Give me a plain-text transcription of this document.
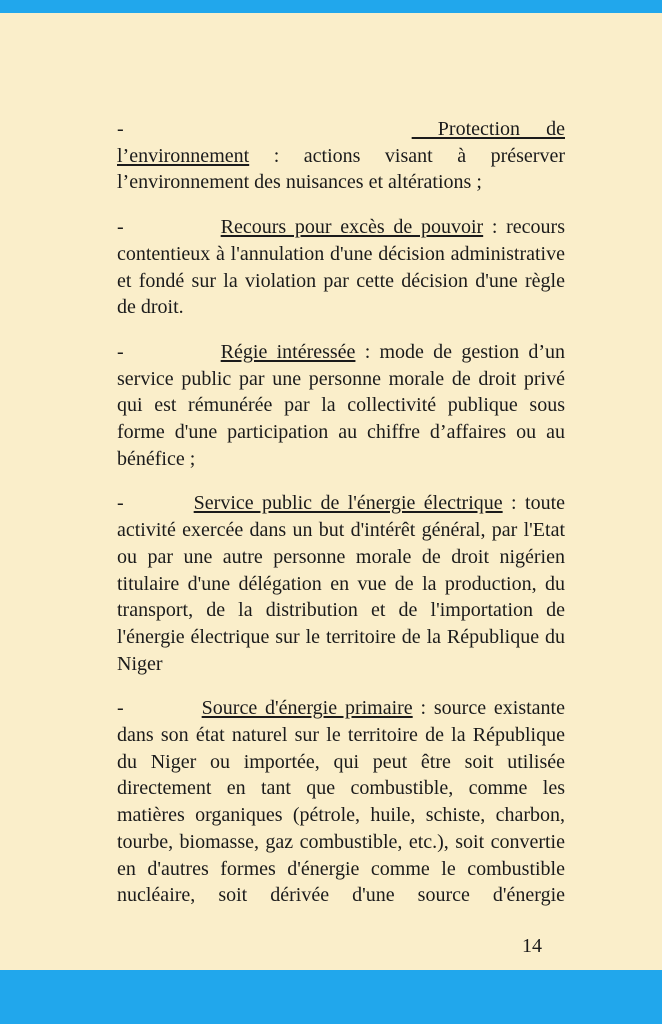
-	Protection de l’environnement : actions visant à préserver l’environnement des nuisances et altérations ;

-	Recours pour excès de pouvoir : recours contentieux à l'annulation d'une décision administrative et fondé sur la violation par cette décision d'une règle de droit.

-	Régie intéressée : mode de gestion d’un service public par une personne morale de droit privé qui est rémunérée par la collectivité publique sous forme d'une participation au chiffre d’affaires ou au bénéfice ;

-	Service public de l'énergie électrique : toute activité exercée dans un but d'intérêt général, par l'Etat ou par une autre personne morale de droit nigérien titulaire d'une délégation en vue de la production, du transport, de la distribution et de l'importation de l'énergie électrique sur le territoire de la République du Niger

-	Source d'énergie primaire : source existante dans son état naturel sur le territoire de la République du Niger ou importée, qui peut être soit utilisée directement en tant que combustible, comme les matières organiques (pétrole, huile, schiste, charbon, tourbe, biomasse, gaz combustible, etc.), soit convertie en d'autres formes d'énergie comme le combustible nucléaire, soit dérivée d'une source d'énergie

14
